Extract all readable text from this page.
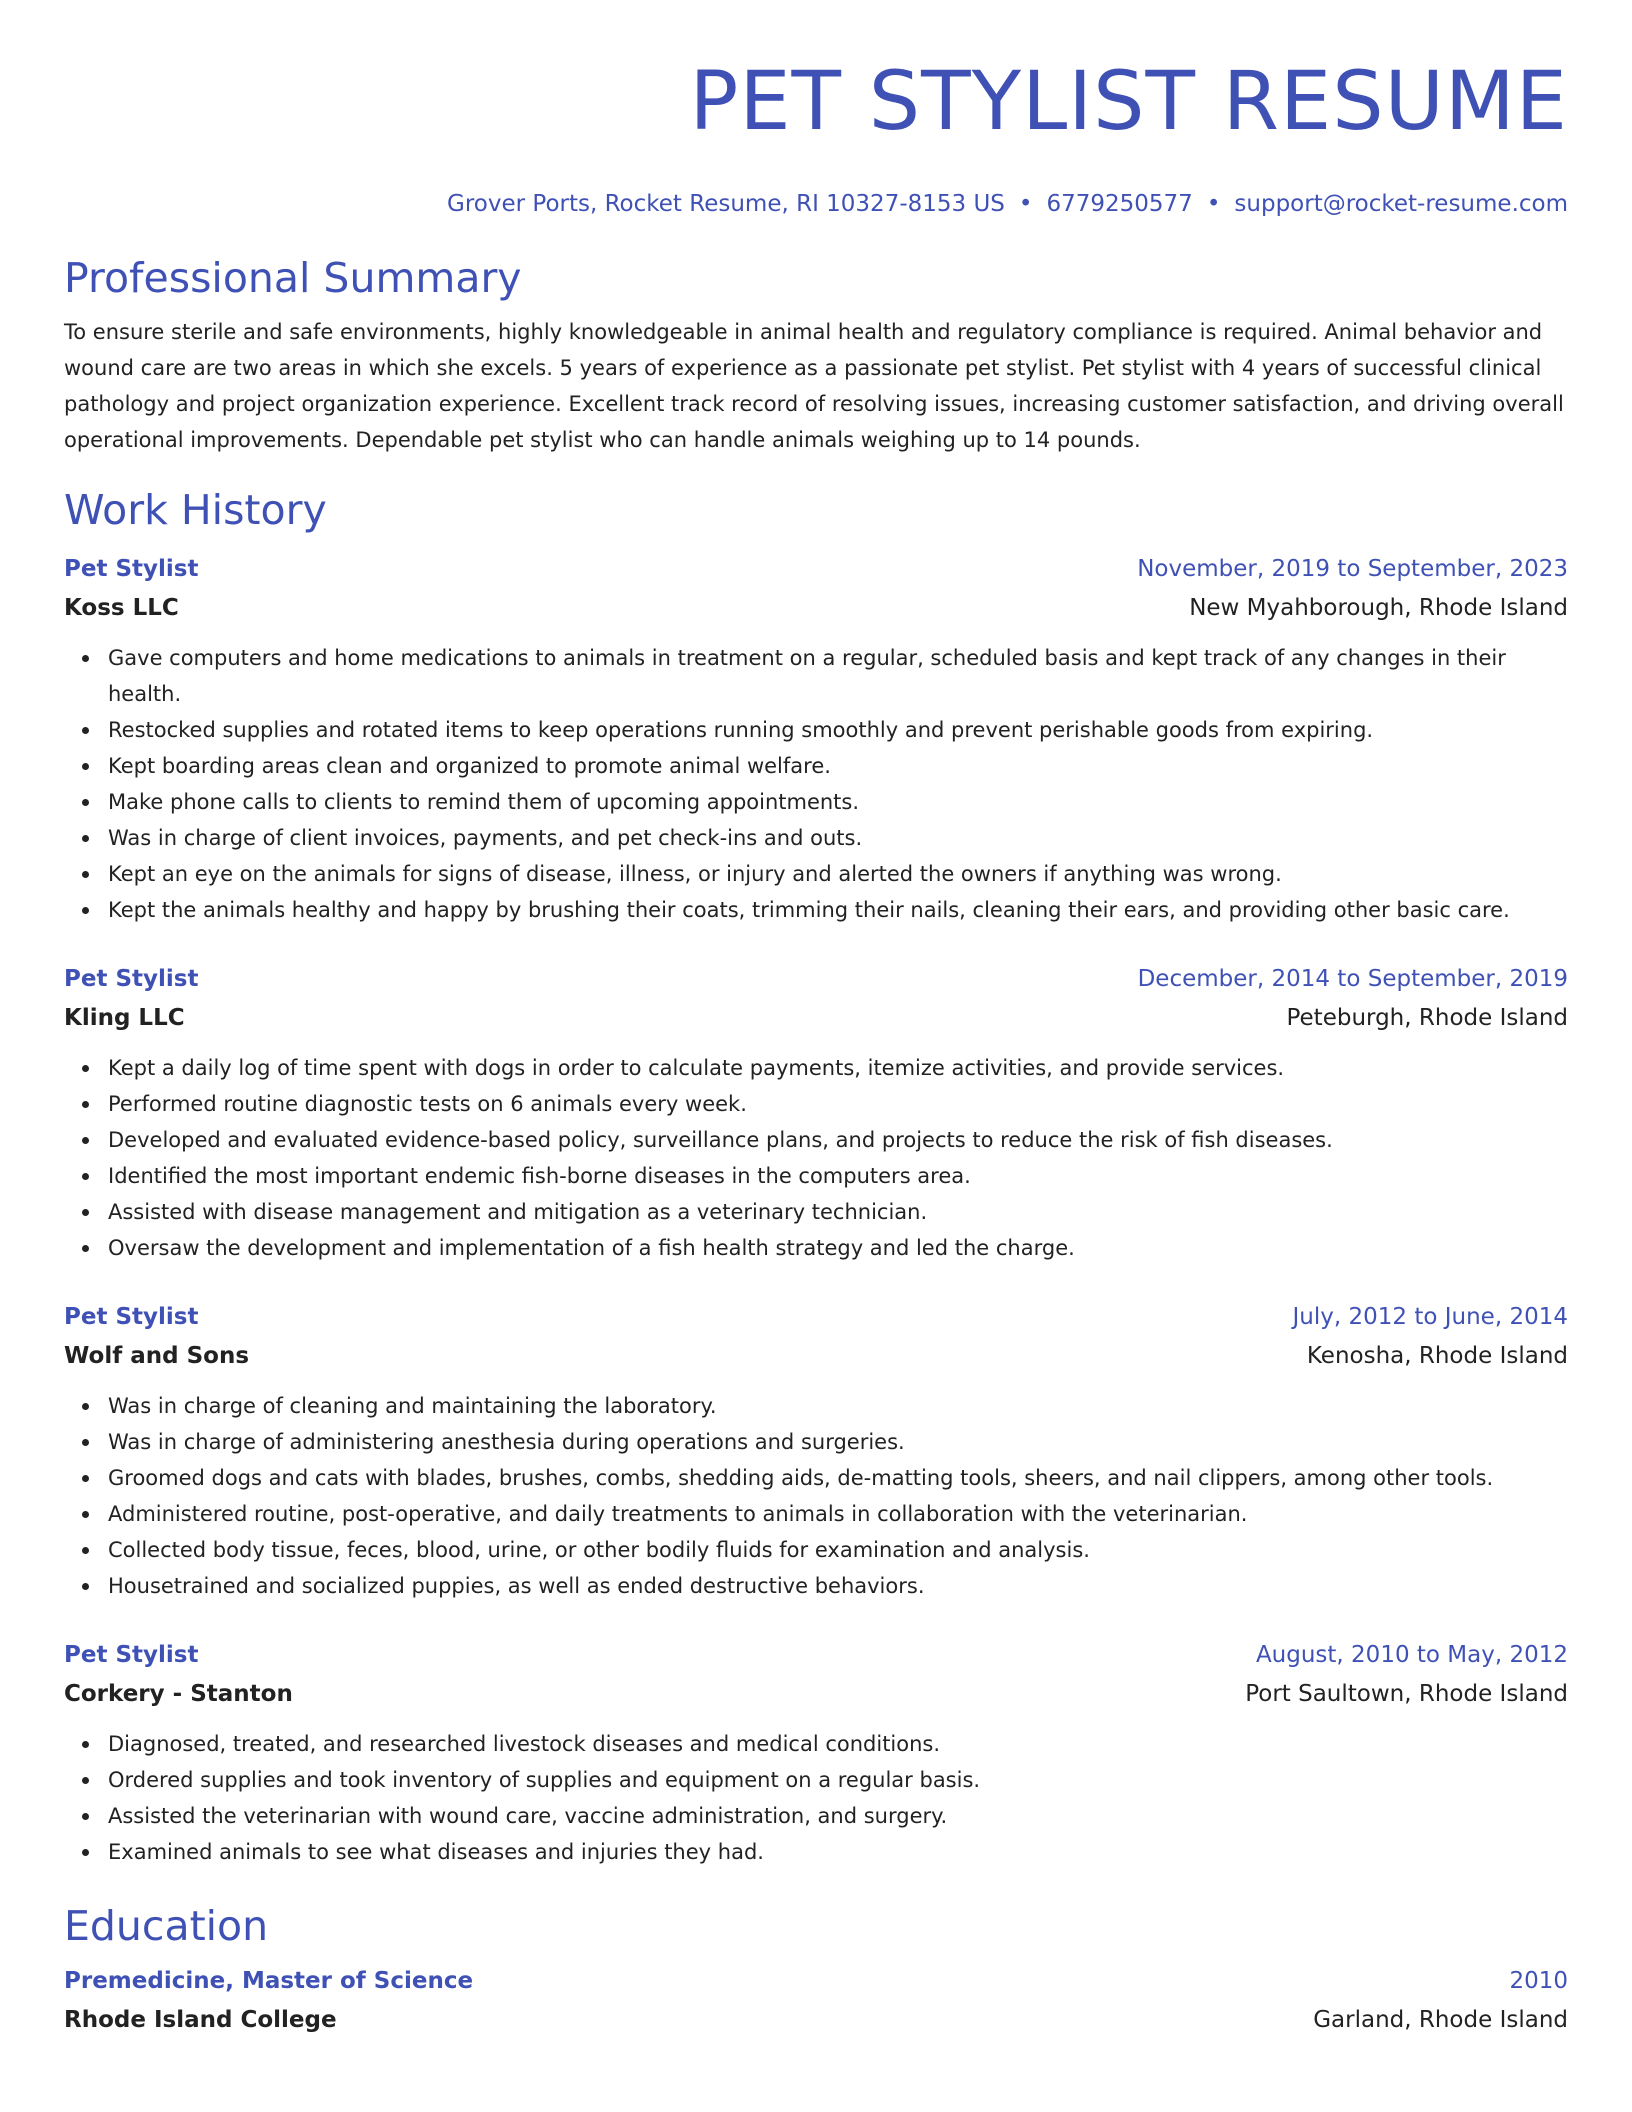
PET STYLIST RESUME
Grover Ports, Rocket Resume, RI 10327-8153 US • 6779250577 • support@rocket-resume.com
Professional Summary

To ensure sterile and safe environments, highly knowledgeable in animal health and regulatory compliance is required. Animal behavior and wound care are two areas in which she excels. 5 years of experience as a passionate pet stylist. Pet stylist with 4 years of successful clinical pathology and project organization experience. Excellent track record of resolving issues, increasing customer satisfaction, and driving overall operational improvements. Dependable pet stylist who can handle animals weighing up to 14 pounds.

Work History
Pet Stylist	November, 2019 to September, 2023
Koss LLC	New Myahborough, Rhode Island
Gave computers and home medications to animals in treatment on a regular, scheduled basis and kept track of any changes in their health.
Restocked supplies and rotated items to keep operations running smoothly and prevent perishable goods from expiring.
Kept boarding areas clean and organized to promote animal welfare.
Make phone calls to clients to remind them of upcoming appointments.
Was in charge of client invoices, payments, and pet check-ins and outs.
Kept an eye on the animals for signs of disease, illness, or injury and alerted the owners if anything was wrong.
Kept the animals healthy and happy by brushing their coats, trimming their nails, cleaning their ears, and providing other basic care.
Pet Stylist	December, 2014 to September, 2019
Kling LLC	Peteburgh, Rhode Island
Kept a daily log of time spent with dogs in order to calculate payments, itemize activities, and provide services.
Performed routine diagnostic tests on 6 animals every week.
Developed and evaluated evidence-based policy, surveillance plans, and projects to reduce the risk of fish diseases.
Identified the most important endemic fish-borne diseases in the computers area.
Assisted with disease management and mitigation as a veterinary technician.
Oversaw the development and implementation of a fish health strategy and led the charge.
Pet Stylist	July, 2012 to June, 2014
Wolf and Sons	Kenosha, Rhode Island
Was in charge of cleaning and maintaining the laboratory.
Was in charge of administering anesthesia during operations and surgeries.
Groomed dogs and cats with blades, brushes, combs, shedding aids, de-matting tools, sheers, and nail clippers, among other tools.
Administered routine, post-operative, and daily treatments to animals in collaboration with the veterinarian.
Collected body tissue, feces, blood, urine, or other bodily fluids for examination and analysis.
Housetrained and socialized puppies, as well as ended destructive behaviors.
Pet Stylist	August, 2010 to May, 2012
Corkery - Stanton	Port Saultown, Rhode Island
Diagnosed, treated, and researched livestock diseases and medical conditions.
Ordered supplies and took inventory of supplies and equipment on a regular basis.
Assisted the veterinarian with wound care, vaccine administration, and surgery.
Examined animals to see what diseases and injuries they had.
Education
Premedicine, Master of Science	2010
Rhode Island College	Garland, Rhode Island
